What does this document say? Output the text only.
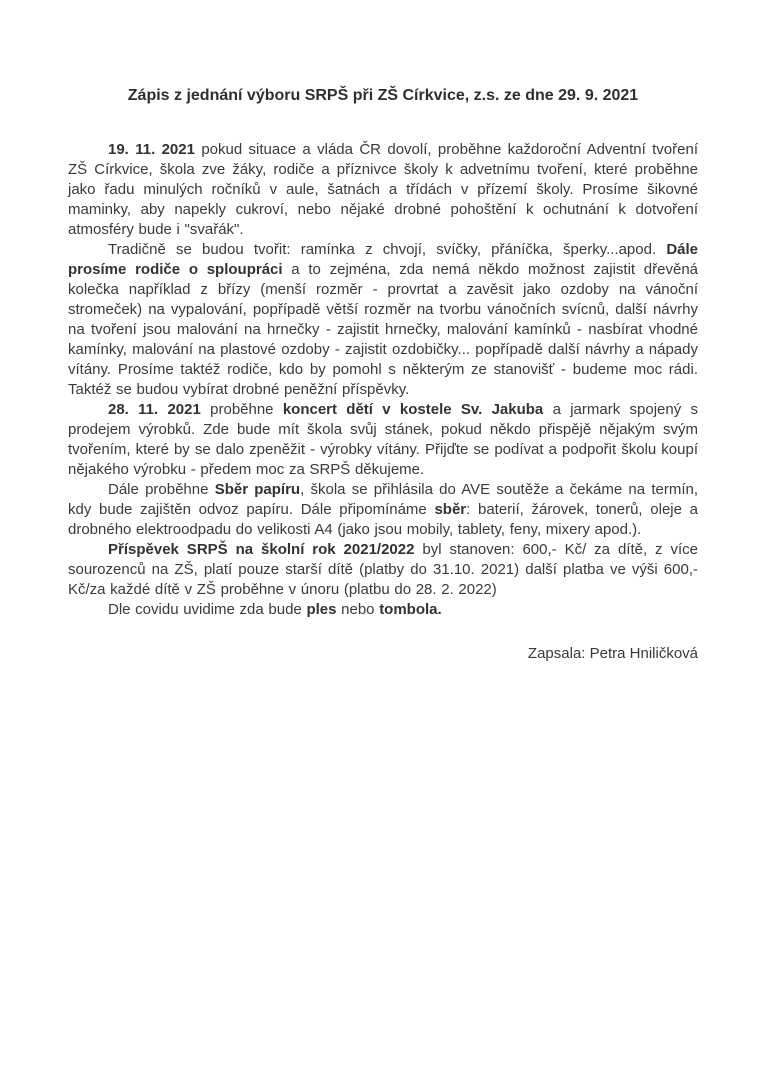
Zápis z jednání výboru SRPŠ při ZŠ Církvice, z.s. ze dne 29. 9. 2021

19. 11. 2021 pokud situace a vláda ČR dovolí, proběhne každoroční Adventní tvoření ZŠ Církvice, škola zve žáky, rodiče a příznivce školy k advetnímu tvoření, které proběhne jako řadu minulých ročníků v aule, šatnách a třídách v přízemí školy. Prosíme šikovné maminky, aby napekly cukroví, nebo nějaké drobné pohoštění k ochutnání k dotvoření atmosféry bude i "svařák".

Tradičně se budou tvořit: ramínka z chvojí, svíčky, přáníčka, šperky...apod. Dále prosíme rodiče o sploupráci a to zejména, zda nemá někdo možnost zajistit dřevěná kolečka například z břízy (menší rozměr - provrtat a zavěsit jako ozdoby na vánoční stromeček) na vypalování, popřípadě větší rozměr na tvorbu vánočních svícnů, další návrhy na tvoření jsou malování na hrnečky - zajistit hrnečky, malování kamínků - nasbírat vhodné kamínky, malování na plastové ozdoby - zajistit ozdobičky... popřípadě další návrhy a nápady vítány. Prosíme taktéž rodiče, kdo by pomohl s některým ze stanovišť - budeme moc rádi. Taktéž se budou vybírat drobné peněžní příspěvky.

28. 11. 2021 proběhne koncert dětí v kostele Sv. Jakuba a jarmark spojený s prodejem výrobků. Zde bude mít škola svůj stánek, pokud někdo přispějě nějakým svým tvořením, které by se dalo zpeněžit - výrobky vítány. Přijďte se podívat a podpořit školu koupí nějakého výrobku - předem moc za SRPŠ děkujeme.

Dále proběhne Sběr papíru, škola se přihlásila do AVE soutěže a čekáme na termín, kdy bude zajištěn odvoz papíru. Dále připomínáme sběr: baterií, žárovek, tonerů, oleje a drobného elektroodpadu do velikosti A4 (jako jsou mobily, tablety, feny, mixery apod.).

Příspěvek SRPŠ na školní rok 2021/2022 byl stanoven: 600,- Kč/ za dítě, z více sourozenců na ZŠ, platí pouze starší dítě (platby do 31.10. 2021) další platba ve výši 600,-Kč/za každé dítě v ZŠ proběhne v únoru (platbu do 28. 2. 2022)

Dle covidu uvidime zda bude ples nebo tombola.

Zapsala: Petra Hniličková
